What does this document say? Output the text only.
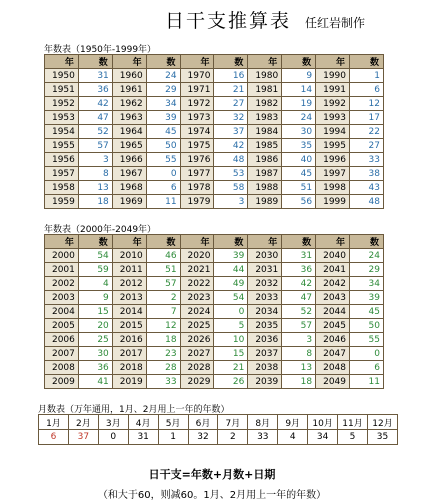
日干支推算表 任红岩制作
年数表（1950年-1999年）
年	数	年	数	年	数	年	数	年	数
1950	31	1960	24	1970	16	1980	9	1990	1
1951	36	1961	29	1971	21	1981	14	1991	6
1952	42	1962	34	1972	27	1982	19	1992	12
1953	47	1963	39	1973	32	1983	24	1993	17
1954	52	1964	45	1974	37	1984	30	1994	22
1955	57	1965	50	1975	42	1985	35	1995	27
1956	3	1966	55	1976	48	1986	40	1996	33
1957	8	1967	0	1977	53	1987	45	1997	38
1958	13	1968	6	1978	58	1988	51	1998	43
1959	18	1969	11	1979	3	1989	56	1999	48
年数表（2000年-2049年）
年	数	年	数	年	数	年	数	年	数
2000	54	2010	46	2020	39	2030	31	2040	24
2001	59	2011	51	2021	44	2031	36	2041	29
2002	4	2012	57	2022	49	2032	42	2042	34
2003	9	2013	2	2023	54	2033	47	2043	39
2004	15	2014	7	2024	0	2034	52	2044	45
2005	20	2015	12	2025	5	2035	57	2045	50
2006	25	2016	18	2026	10	2036	3	2046	55
2007	30	2017	23	2027	15	2037	8	2047	0
2008	36	2018	28	2028	21	2038	13	2048	6
2009	41	2019	33	2029	26	2039	18	2049	11
月数表（万年通用，1月、2月用上一年的年数）
1月	2月	3月	4月	5月	6月	7月	8月	9月	10月	11月	12月
6	37	0	31	1	32	2	33	4	34	5	35
日干支=年数+月数+日期
（和大于60，则减60。1月、2月用上一年的年数）
